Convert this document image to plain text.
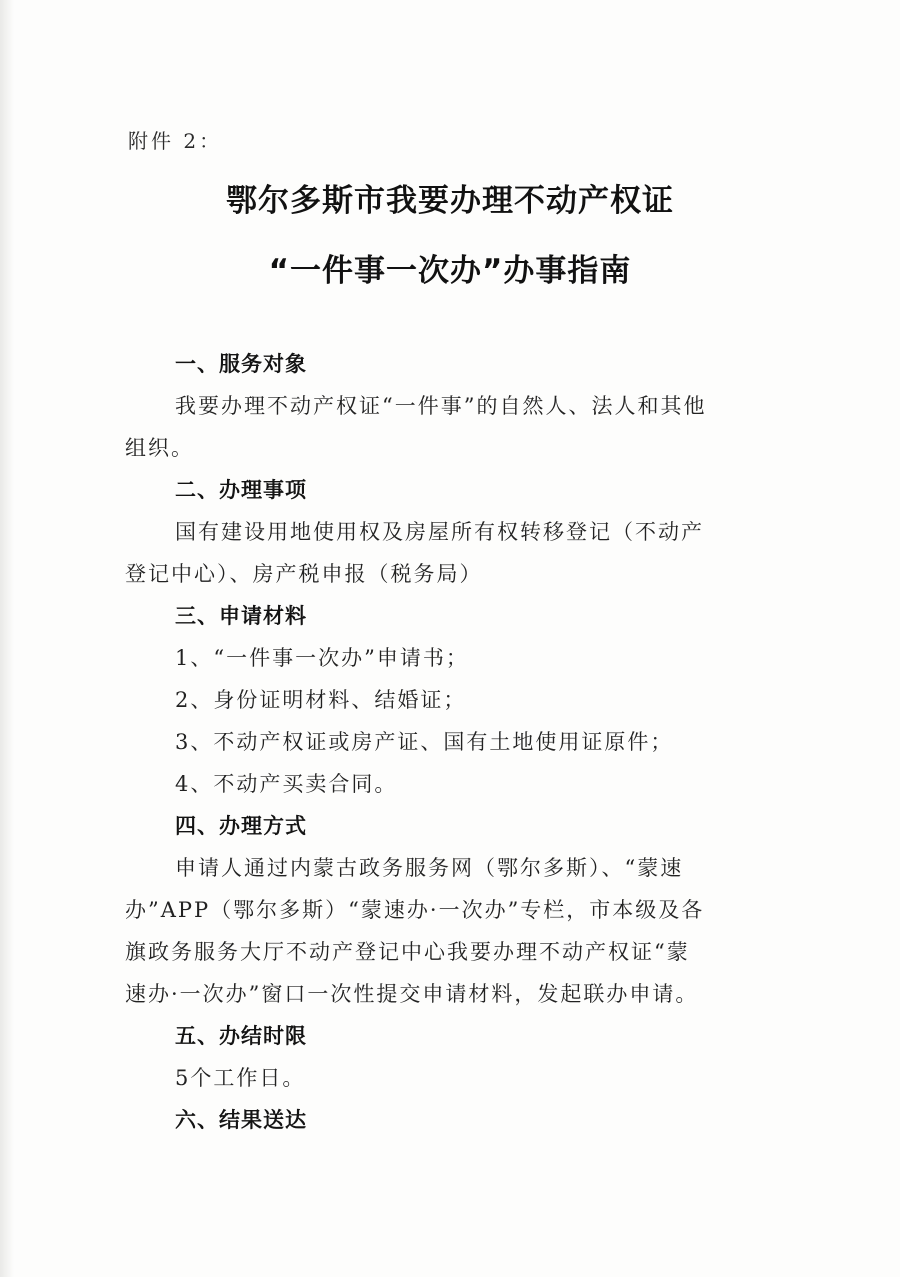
附件 2：

鄂尔多斯市我要办理不动产权证
“一件事一次办”办事指南
一、服务对象
我要办理不动产权证“一件事”的自然人、法人和其他组织。
二、办理事项
国有建设用地使用权及房屋所有权转移登记（不动产登记中心）、房产税申报（税务局）
三、申请材料

1、“一件事一次办”申请书；

2、身份证明材料、结婚证；

3、不动产权证或房产证、国有土地使用证原件；

4、不动产买卖合同。

四、办理方式
申请人通过内蒙古政务服务网（鄂尔多斯）、“蒙速办”APP（鄂尔多斯）“蒙速办·一次办”专栏，市本级及各旗政务服务大厅不动产登记中心我要办理不动产权证“蒙速办·一次办”窗口一次性提交申请材料，发起联办申请。
五、办结时限

5个工作日。

六、结果送达
